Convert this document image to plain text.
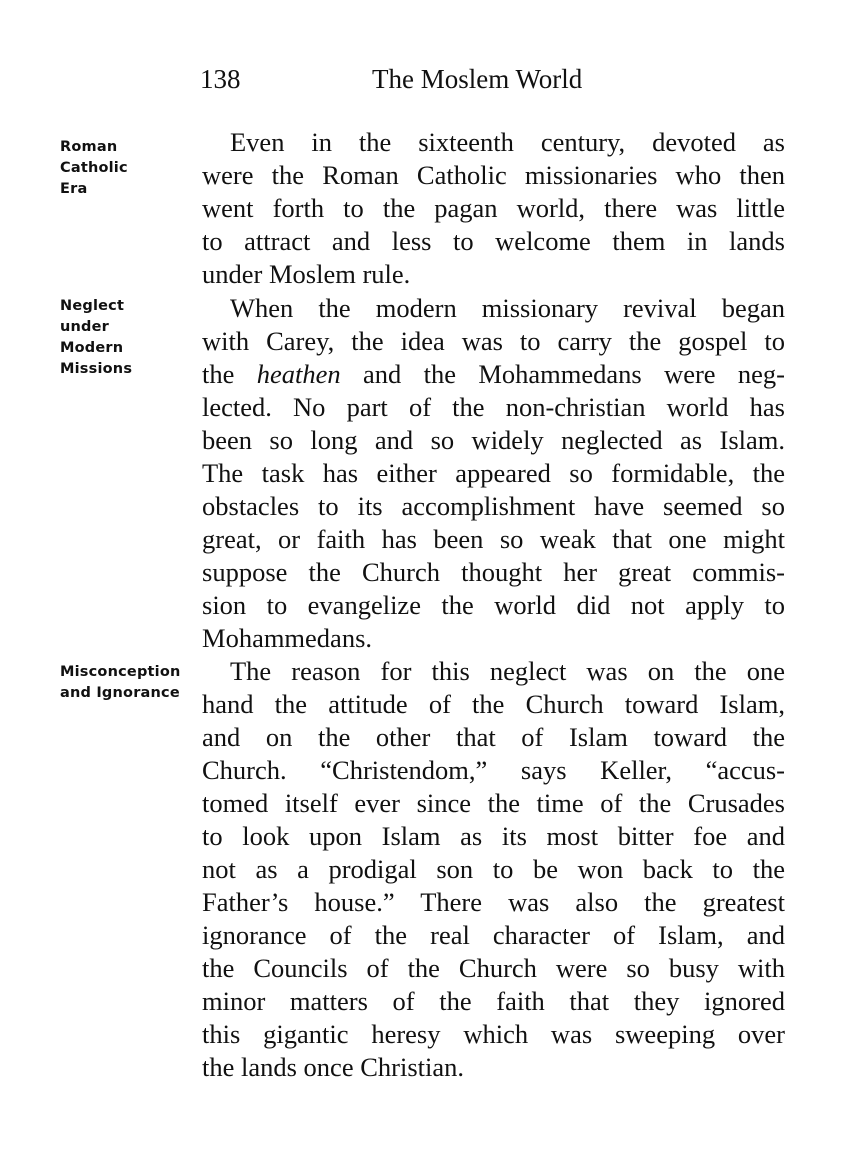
138	The Moslem World
Roman
Catholic
Era
Neglect
under
Modern
Missions
Misconception
and Ignorance
Even in the sixteenth century, devoted as
were the Roman Catholic missionaries who then
went forth to the pagan world, there was little
to attract and less to welcome them in lands
under Moslem rule.
When the modern missionary revival began
with Carey, the idea was to carry the gospel to
the heathen and the Mohammedans were neg-
lected. No part of the non-christian world has
been so long and so widely neglected as Islam.
The task has either appeared so formidable, the
obstacles to its accomplishment have seemed so
great, or faith has been so weak that one might
suppose the Church thought her great commis-
sion to evangelize the world did not apply to
Mohammedans.
The reason for this neglect was on the one
hand the attitude of the Church toward Islam,
and on the other that of Islam toward the
Church. “Christendom,” says Keller, “accus-
tomed itself ever since the time of the Crusades
to look upon Islam as its most bitter foe and
not as a prodigal son to be won back to the
Father’s house.” There was also the greatest
ignorance of the real character of Islam, and
the Councils of the Church were so busy with
minor matters of the faith that they ignored
this gigantic heresy which was sweeping over
the lands once Christian.
